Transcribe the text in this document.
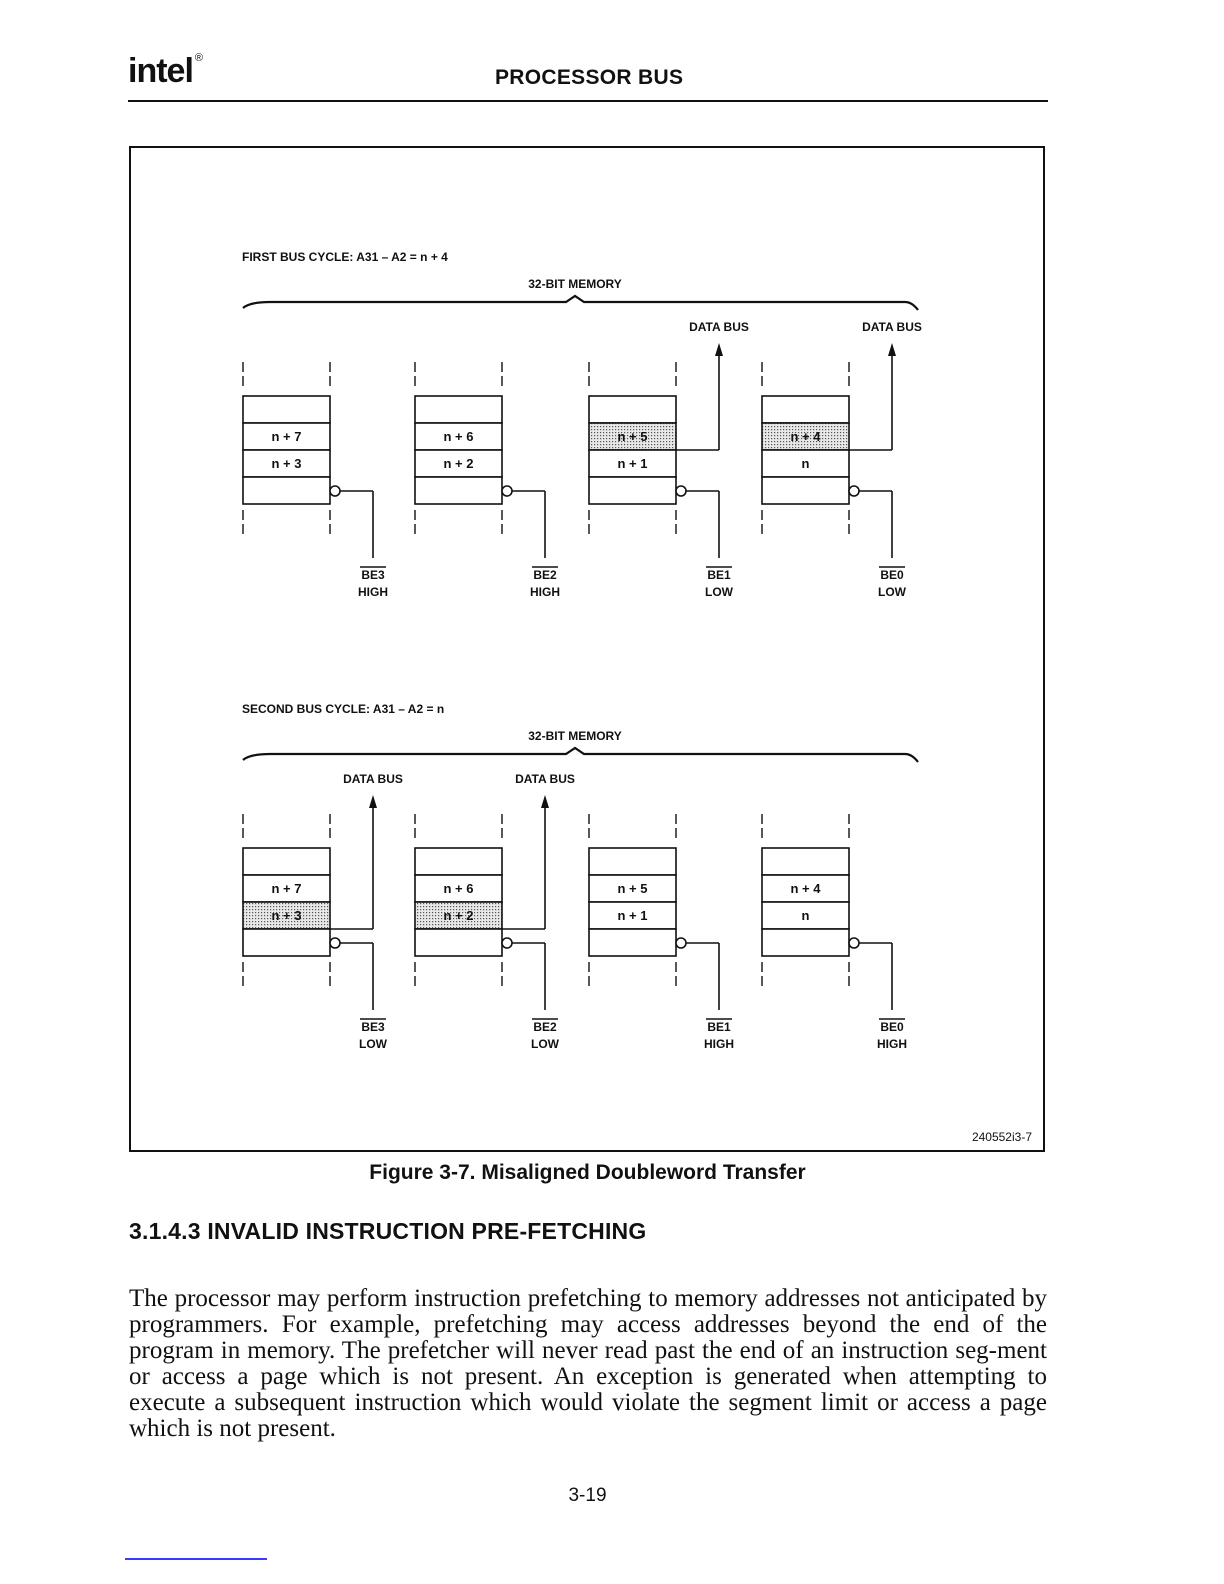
intel ®
PROCESSOR BUS
FIRST BUS CYCLE: A31 – A2 = n + 4
32-BIT MEMORY
n + 7
n + 3
BE3
HIGH
n + 6
n + 2
BE2
HIGH
n + 5
n + 1
BE1
LOW
DATA BUS
n + 4
n
BE0
LOW
DATA BUS
SECOND BUS CYCLE: A31 – A2 = n
32-BIT MEMORY
n + 7
n + 3
BE3
LOW
DATA BUS
n + 6
n + 2
BE2
LOW
DATA BUS
n + 5
n + 1
BE1
HIGH
n + 4
n
BE0
HIGH
240552i3-7
Figure 3-7. Misaligned Doubleword Transfer
3.1.4.3 INVALID INSTRUCTION PRE-FETCHING

The processor may perform instruction prefetching to memory addresses not anticipated by programmers. For example, prefetching may access addresses beyond the end of the program in memory. The prefetcher will never read past the end of an instruction seg-ment or access a page which is not present. An exception is generated when attempting to execute a subsequent instruction which would violate the segment limit or access a page which is not present.

3-19
